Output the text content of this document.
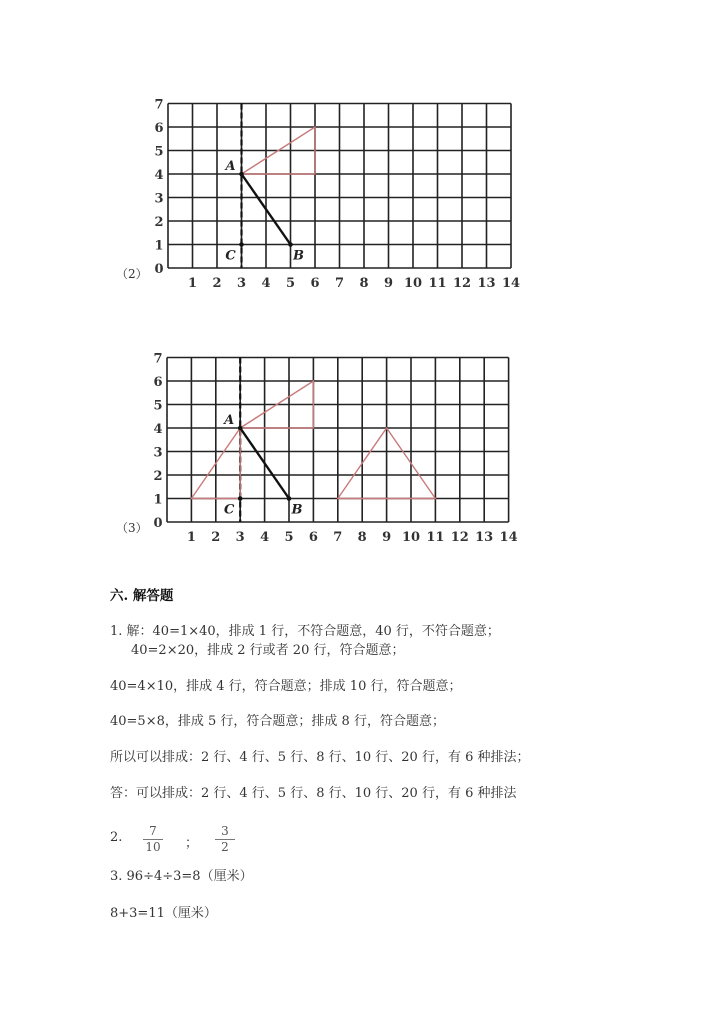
1 2 3 4 5 6 7 8 9 10 11 12 13 14
0
1
2
3
4
5
6
7
（2）
A
B
C
1 2 3 4 5 6 7 8 9 10 11 12 13 14
0
1
2
3
4
5
6
7
（3）
A
B
C
六. 解答题
1. 解：40=1×40，排成 1 行，不符合题意，40 行，不符合题意；
40=2×20，排成 2 行或者 20 行，符合题意；
40=4×10，排成 4 行，符合题意；排成 10 行，符合题意；
40=5×8，排成 5 行，符合题意；排成 8 行，符合题意；
所以可以排成：2 行、4 行、5 行、8 行、10 行、20 行，有 6 种排法；
答：可以排成：2 行、4 行、5 行、8 行、10 行、20 行，有 6 种排法
2. $\frac{7}{10}$ ； $\frac{3}{2}$
3. 96÷4÷3=8（厘米）
8+3=11（厘米）
